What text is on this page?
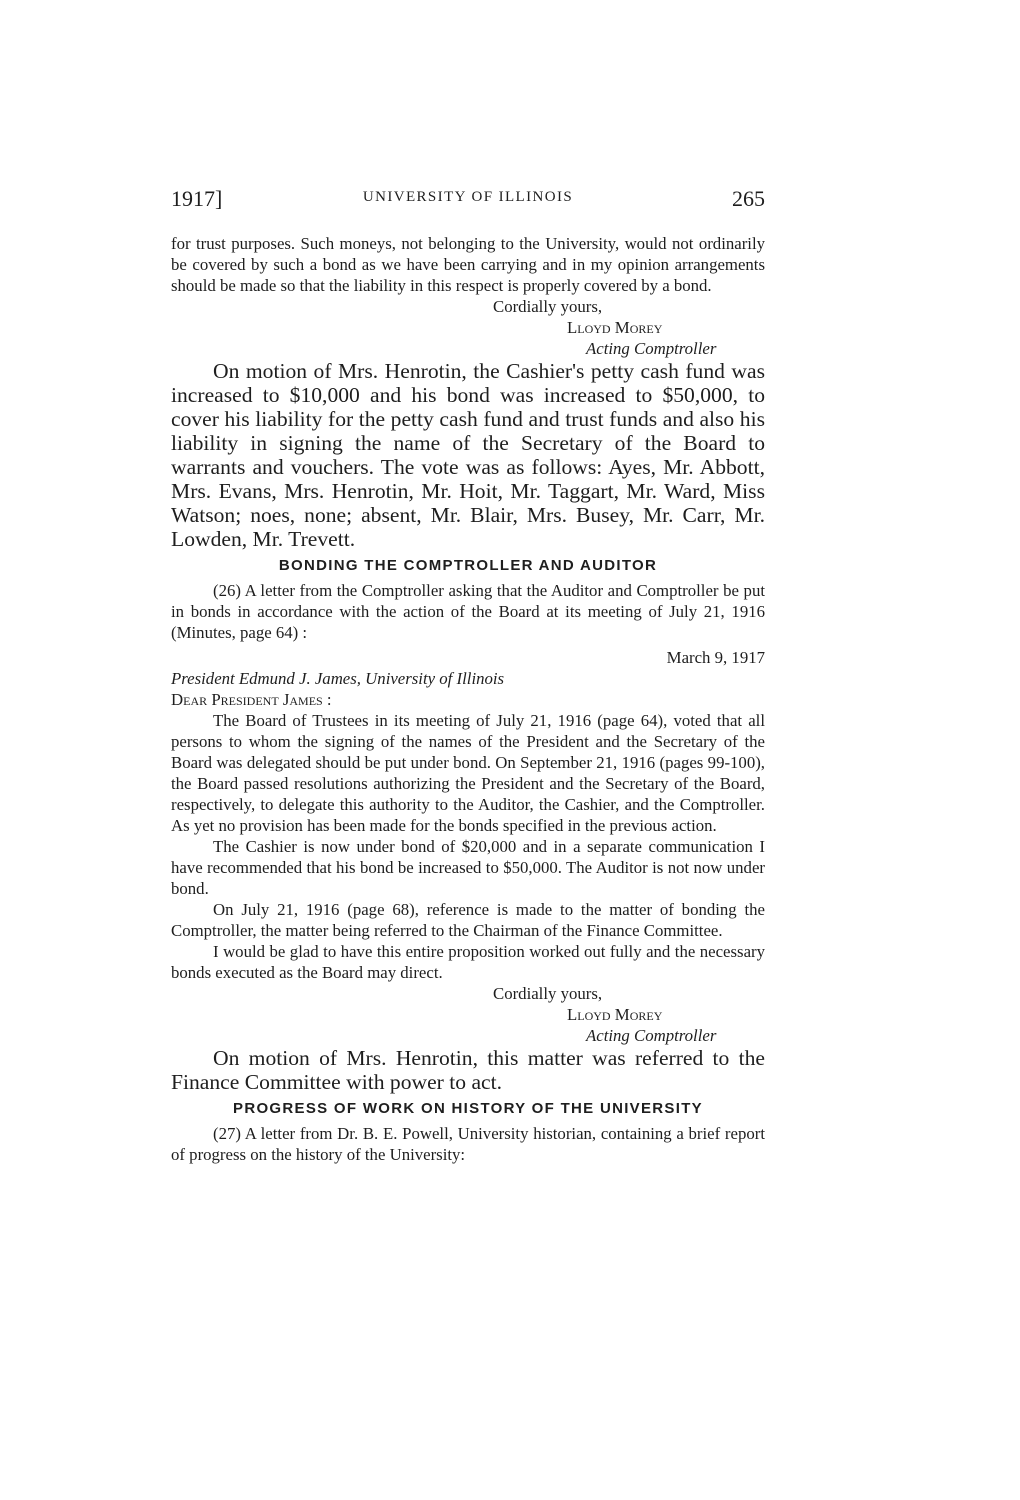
1917]	UNIVERSITY OF ILLINOIS	265

for trust purposes. Such moneys, not belonging to the University, would not ordinarily be covered by such a bond as we have been carrying and in my opinion arrangements should be made so that the liability in this respect is properly covered by a bond.

Cordially yours,
Lloyd Morey
Acting Comptroller

On motion of Mrs. Henrotin, the Cashier's petty cash fund was increased to $10,000 and his bond was increased to $50,000, to cover his liability for the petty cash fund and trust funds and also his liability in signing the name of the Secretary of the Board to warrants and vouchers. The vote was as follows: Ayes, Mr. Abbott, Mrs. Evans, Mrs. Henrotin, Mr. Hoit, Mr. Taggart, Mr. Ward, Miss Watson; noes, none; absent, Mr. Blair, Mrs. Busey, Mr. Carr, Mr. Lowden, Mr. Trevett.

BONDING THE COMPTROLLER AND AUDITOR

(26) A letter from the Comptroller asking that the Auditor and Comptroller be put in bonds in accordance with the action of the Board at its meeting of July 21, 1916 (Minutes, page 64) :

March 9, 1917
President Edmund J. James, University of Illinois
Dear President James :

The Board of Trustees in its meeting of July 21, 1916 (page 64), voted that all persons to whom the signing of the names of the President and the Secretary of the Board was delegated should be put under bond. On September 21, 1916 (pages 99-100), the Board passed resolutions authorizing the President and the Secretary of the Board, respectively, to delegate this authority to the Auditor, the Cashier, and the Comptroller. As yet no provision has been made for the bonds specified in the previous action.

The Cashier is now under bond of $20,000 and in a separate communication I have recommended that his bond be increased to $50,000. The Auditor is not now under bond.

On July 21, 1916 (page 68), reference is made to the matter of bonding the Comptroller, the matter being referred to the Chairman of the Finance Committee.

I would be glad to have this entire proposition worked out fully and the necessary bonds executed as the Board may direct.

Cordially yours,
Lloyd Morey
Acting Comptroller

On motion of Mrs. Henrotin, this matter was referred to the Finance Committee with power to act.

PROGRESS OF WORK ON HISTORY OF THE UNIVERSITY

(27) A letter from Dr. B. E. Powell, University historian, containing a brief report of progress on the history of the University:
